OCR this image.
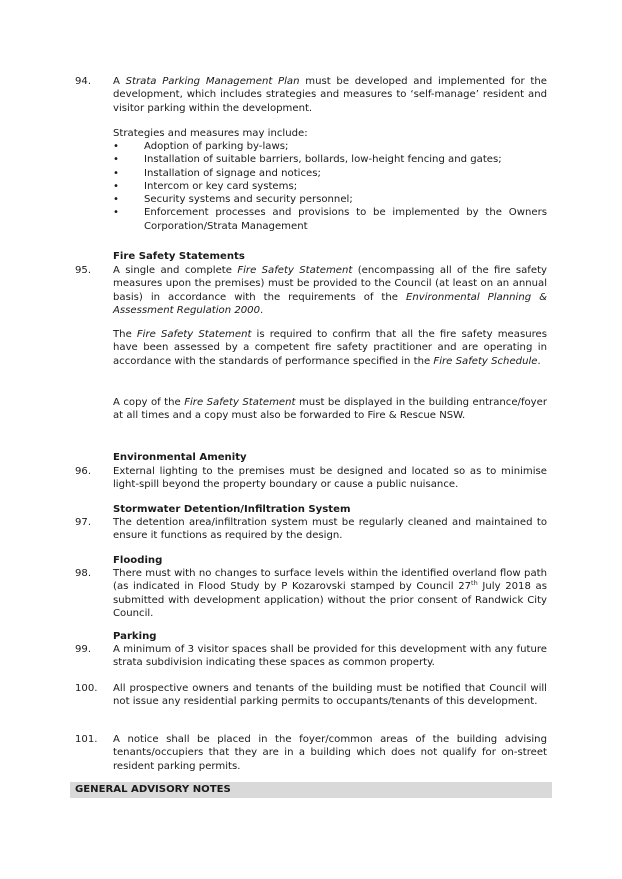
94.	A Strata Parking Management Plan must be developed and implemented for the development, which includes strategies and measures to ‘self-manage’ resident and visitor parking within the development.
Strategies and measures may include:
• Adoption of parking by-laws;
• Installation of suitable barriers, bollards, low-height fencing and gates;
• Installation of signage and notices;
• Intercom or key card systems;
• Security systems and security personnel;
• Enforcement processes and provisions to be implemented by the Owners Corporation/Strata Management
Fire Safety Statements
95.	A single and complete Fire Safety Statement (encompassing all of the fire safety measures upon the premises) must be provided to the Council (at least on an annual basis) in accordance with the requirements of the Environmental Planning & Assessment Regulation 2000.
The Fire Safety Statement is required to confirm that all the fire safety measures have been assessed by a competent fire safety practitioner and are operating in accordance with the standards of performance specified in the Fire Safety Schedule.
A copy of the Fire Safety Statement must be displayed in the building entrance/foyer at all times and a copy must also be forwarded to Fire & Rescue NSW.
Environmental Amenity
96.	External lighting to the premises must be designed and located so as to minimise light-spill beyond the property boundary or cause a public nuisance.
Stormwater Detention/Infiltration System
97.	The detention area/infiltration system must be regularly cleaned and maintained to ensure it functions as required by the design.
Flooding
98.	There must with no changes to surface levels within the identified overland flow path (as indicated in Flood Study by P Kozarovski stamped by Council 27th July 2018 as submitted with development application) without the prior consent of Randwick City Council.
Parking
99.	A minimum of 3 visitor spaces shall be provided for this development with any future strata subdivision indicating these spaces as common property.
100.	All prospective owners and tenants of the building must be notified that Council will not issue any residential parking permits to occupants/tenants of this development.
101.	A notice shall be placed in the foyer/common areas of the building advising tenants/occupiers that they are in a building which does not qualify for on-street resident parking permits.
GENERAL ADVISORY NOTES
